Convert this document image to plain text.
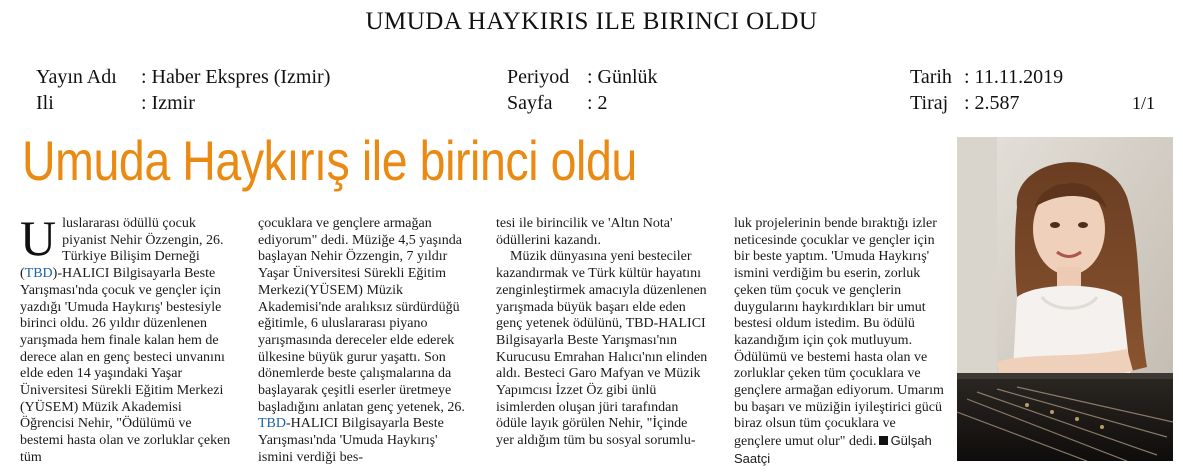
UMUDA HAYKIRIS ILE BIRINCI OLDU
Yayın Adı : Haber Ekspres (Izmir)
Ili	: Izmir
Periyod : Günlük
Sayfa : 2
Tarih : 11.11.2019
Tiraj : 2.587	1/1
Umuda Haykırış ile birinci oldu

Uluslararası ödüllü çocuk piyanist Nehir Özzengin, 26. Türkiye Bilişim Derneği (TBD)-HALICI Bilgisayarla Beste Yarışması'nda çocuk ve gençler için yazdığı 'Umuda Haykırış' bestesiyle birinci oldu. 26 yıldır düzenlenen yarışmada hem finale kalan hem de derece alan en genç besteci unvanını elde eden 14 yaşındaki Yaşar Üniversitesi Sürekli Eğitim Merkezi (YÜSEM) Müzik Akademisi Öğrencisi Nehir, "Ödülümü ve bestemi hasta olan ve zorluklar çeken tüm

çocuklara ve gençlere armağan ediyorum" dedi. Müziğe 4,5 yaşında başlayan Nehir Özzengin, 7 yıldır Yaşar Üniversitesi Sürekli Eğitim Merkezi(YÜSEM) Müzik Akademisi'nde aralıksız sürdürdüğü eğitimle, 6 uluslararası piyano yarışmasında dereceler elde ederek ülkesine büyük gurur yaşattı. Son dönemlerde beste çalışmalarına da başlayarak çeşitli eserler üretmeye başladığını anlatan genç yetenek, 26. TBD-HALICI Bilgisayarla Beste Yarışması'nda 'Umuda Haykırış' ismini verdiği bes-

tesi ile birincilik ve 'Altın Nota' ödüllerini kazandı.

Müzik dünyasına yeni besteciler kazandırmak ve Türk kültür hayatını zenginleştirmek amacıyla düzenlenen yarışmada büyük başarı elde eden genç yetenek ödülünü, TBD-HALICI Bilgisayarla Beste Yarışması'nın Kurucusu Emrahan Halıcı'nın elinden aldı. Besteci Garo Mafyan ve Müzik Yapımcısı İzzet Öz gibi ünlü isimlerden oluşan jüri tarafından ödüle layık görülen Nehir, "İçinde yer aldığım tüm bu sosyal sorumlu-

luk projelerinin bende bıraktığı izler neticesinde çocuklar ve gençler için bir beste yaptım. 'Umuda Haykırış' ismini verdiğim bu eserin, zorluk çeken tüm çocuk ve gençlerin duygularını haykırdıkları bir umut bestesi oldum istedim. Bu ödülü kazandığım için çok mutluyum. Ödülümü ve bestemi hasta olan ve zorluklar çeken tüm çocuklara ve gençlere armağan ediyorum. Umarım bu başarı ve müziğin iyileştirici gücü biraz olsun tüm çocuklara ve gençlere umut olur" dedi. Gülşah Saatçi
